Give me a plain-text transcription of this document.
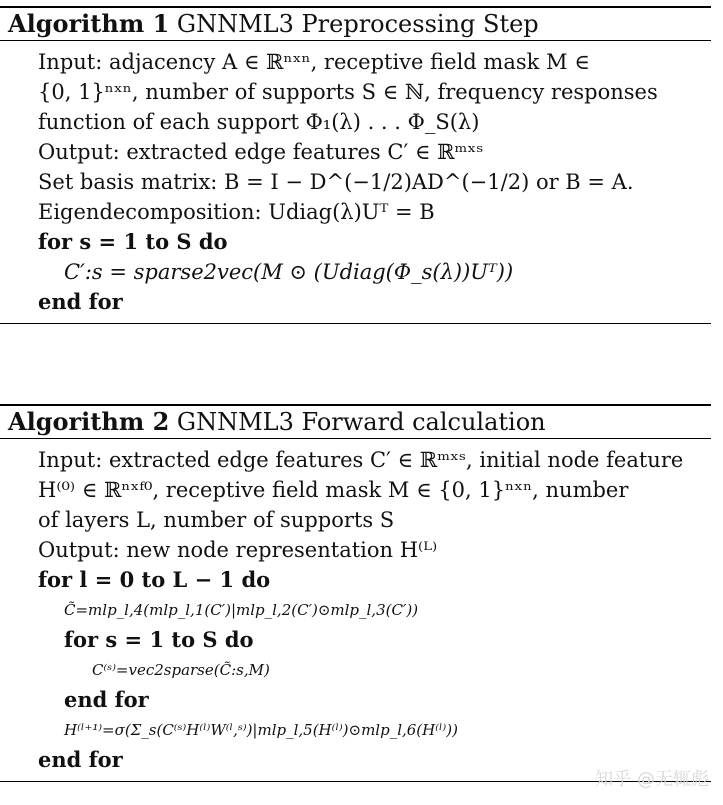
Algorithm 1 GNNML3 Preprocessing Step
Input: adjacency A ∈ ℝⁿˣⁿ, receptive field mask M ∈
{0, 1}ⁿˣⁿ, number of supports S ∈ ℕ, frequency responses
function of each support Φ₁(λ) . . . Φ_S(λ)
Output: extracted edge features C′ ∈ ℝᵐˣˢ
Set basis matrix: B = I − D^(−1/2)AD^(−1/2) or B = A.
Eigendecomposition: Udiag(λ)Uᵀ = B
for s = 1 to S do
C′:s = sparse2vec(M ⊙ (Udiag(Φ_s(λ))Uᵀ))
end for
Algorithm 2 GNNML3 Forward calculation
Input: extracted edge features C′ ∈ ℝᵐˣˢ, initial node feature
H⁽⁰⁾ ∈ ℝⁿˣᶠ⁰, receptive field mask M ∈ {0, 1}ⁿˣⁿ, number
of layers L, number of supports S
Output: new node representation H⁽ᴸ⁾
for l = 0 to L − 1 do
C̃=mlp_l,4(mlp_l,1(C′)|mlp_l,2(C′)⊙mlp_l,3(C′))
for s = 1 to S do
C⁽ˢ⁾=vec2sparse(C̃:s,M)
end for
H⁽ˡ⁺¹⁾=σ(Σ_s(C⁽ˢ⁾H⁽ˡ⁾W⁽ˡ,ˢ⁾)|mlp_l,5(H⁽ˡ⁾)⊙mlp_l,6(H⁽ˡ⁾))
end for
知乎 @无辄彪
